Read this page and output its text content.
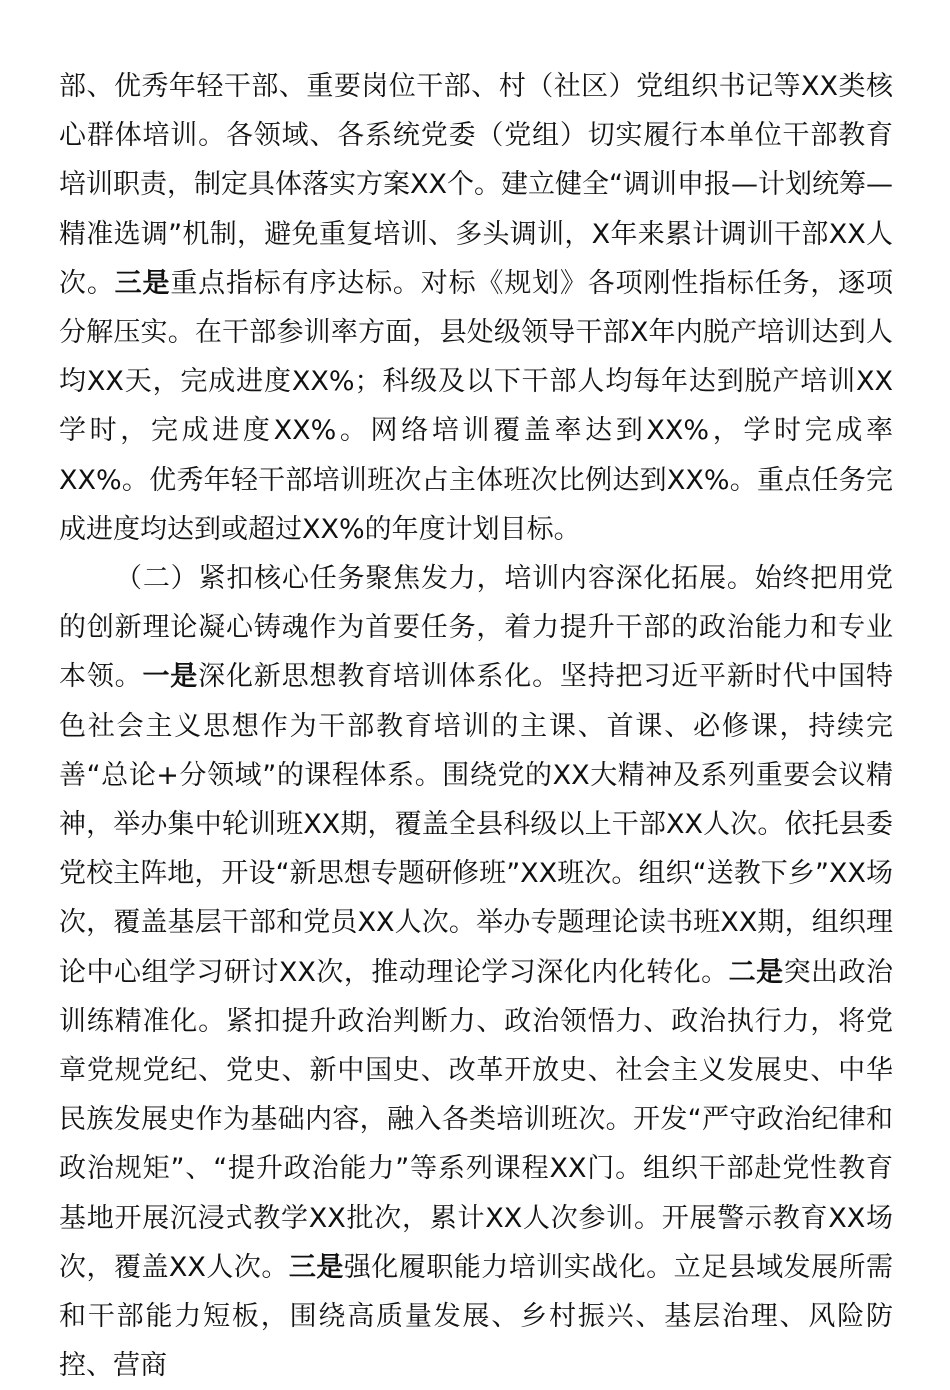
部、优秀年轻干部、重要岗位干部、村（社区）党组织书记等XX类核心群体培训。各领域、各系统党委（党组）切实履行本单位干部教育培训职责，制定具体落实方案XX个。建立健全“调训申报—计划统筹—精准选调”机制，避免重复培训、多头调训，X年来累计调训干部XX人次。三是重点指标有序达标。对标《规划》各项刚性指标任务，逐项分解压实。在干部参训率方面，县处级领导干部X年内脱产培训达到人均XX天，完成进度XX%；科级及以下干部人均每年达到脱产培训XX学时，完成进度XX%。网络培训覆盖率达到XX%，学时完成率XX%。优秀年轻干部培训班次占主体班次比例达到XX%。重点任务完成进度均达到或超过XX%的年度计划目标。

（二）紧扣核心任务聚焦发力，培训内容深化拓展。始终把用党的创新理论凝心铸魂作为首要任务，着力提升干部的政治能力和专业本领。一是深化新思想教育培训体系化。坚持把习近平新时代中国特色社会主义思想作为干部教育培训的主课、首课、必修课，持续完善“总论+分领域”的课程体系。围绕党的XX大精神及系列重要会议精神，举办集中轮训班XX期，覆盖全县科级以上干部XX人次。依托县委党校主阵地，开设“新思想专题研修班”XX班次。组织“送教下乡”XX场次，覆盖基层干部和党员XX人次。举办专题理论读书班XX期，组织理论中心组学习研讨XX次，推动理论学习深化内化转化。二是突出政治训练精准化。紧扣提升政治判断力、政治领悟力、政治执行力，将党章党规党纪、党史、新中国史、改革开放史、社会主义发展史、中华民族发展史作为基础内容，融入各类培训班次。开发“严守政治纪律和政治规矩”、“提升政治能力”等系列课程XX门。组织干部赴党性教育基地开展沉浸式教学XX批次，累计XX人次参训。开展警示教育XX场次，覆盖XX人次。三是强化履职能力培训实战化。立足县域发展所需和干部能力短板，围绕高质量发展、乡村振兴、基层治理、风险防控、营商
